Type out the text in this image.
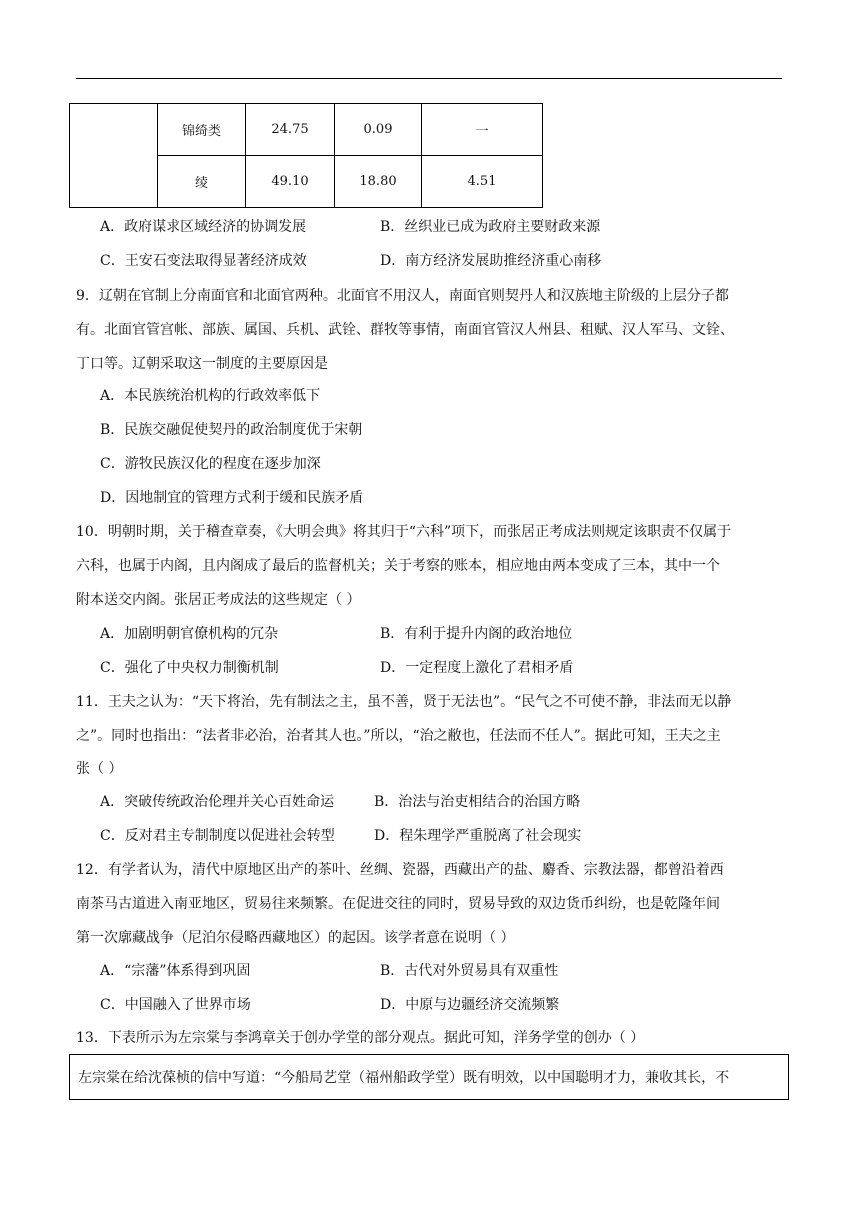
	锦绮类	24.75	0.09	一
	绫	49.10	18.80	4.51
A．政府谋求区域经济的协调发展	B．丝织业已成为政府主要财政来源
C．王安石变法取得显著经济成效	D．南方经济发展助推经济重心南移
9．辽朝在官制上分南面官和北面官两种。北面官不用汉人，南面官则契丹人和汉族地主阶级的上层分子都
有。北面官管宫帐、部族、属国、兵机、武铨、群牧等事情，南面官管汉人州县、租赋、汉人军马、文铨、
丁口等。辽朝采取这一制度的主要原因是
A．本民族统治机构的行政效率低下
B．民族交融促使契丹的政治制度优于宋朝
C．游牧民族汉化的程度在逐步加深
D．因地制宜的管理方式利于缓和民族矛盾
10．明朝时期，关于稽查章奏，《大明会典》将其归于“六科”项下，而张居正考成法则规定该职责不仅属于
六科，也属于内阁，且内阁成了最后的监督机关；关于考察的账本，相应地由两本变成了三本，其中一个
附本送交内阁。张居正考成法的这些规定（ ）
A．加剧明朝官僚机构的冗杂	B．有利于提升内阁的政治地位
C．强化了中央权力制衡机制	D．一定程度上激化了君相矛盾
11．王夫之认为：“天下将治，先有制法之主，虽不善，贤于无法也”。“民气之不可使不静，非法而无以静
之”。同时也指出：“法者非必治，治者其人也。”所以，“治之敝也，任法而不任人”。据此可知，王夫之主
张（ ）
A．突破传统政治伦理并关心百姓命运	B．治法与治吏相结合的治国方略
C．反对君主专制制度以促进社会转型	D．程朱理学严重脱离了社会现实
12．有学者认为，清代中原地区出产的茶叶、丝绸、瓷器，西藏出产的盐、麝香、宗教法器，都曾沿着西
南茶马古道进入南亚地区，贸易往来频繁。在促进交往的同时，贸易导致的双边货币纠纷，也是乾隆年间
第一次廓藏战争（尼泊尔侵略西藏地区）的起因。该学者意在说明（ ）
A．“宗藩”体系得到巩固	B．古代对外贸易具有双重性
C．中国融入了世界市场	D．中原与边疆经济交流频繁
13．下表所示为左宗棠与李鸿章关于创办学堂的部分观点。据此可知，洋务学堂的创办（ ）
左宗棠在给沈葆桢的信中写道：“今船局艺堂（福州船政学堂）既有明效，以中国聪明才力，兼收其长，不
